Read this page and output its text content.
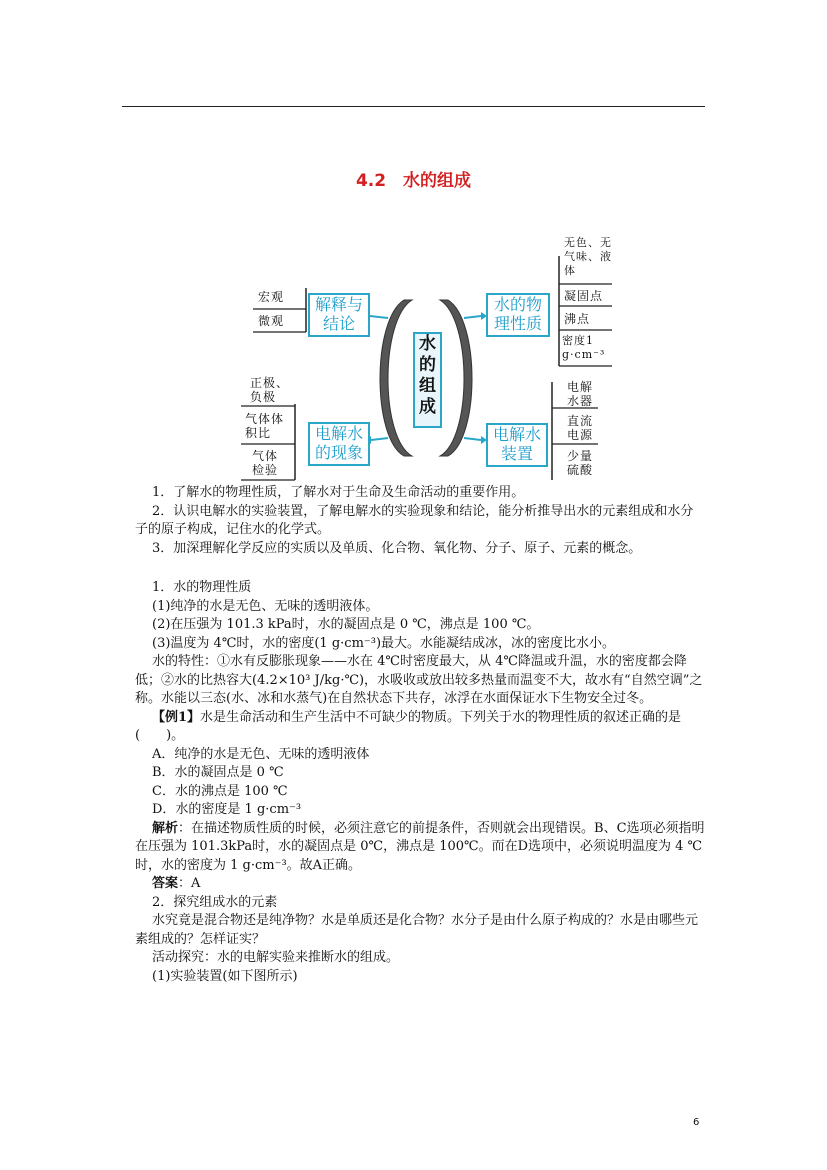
4.2　水的组成
水的组成
解释与结论
电解水的现象
水的物理性质
电解水装置
宏观
微观
正极、负极
气体体积比
气体检验
无色、无气味、液体
凝固点
沸点
密度1 g·cm⁻³
电解水器
直流电源
少量硫酸

1．了解水的物理性质，了解水对于生命及生命活动的重要作用。

2．认识电解水的实验装置，了解电解水的实验现象和结论，能分析推导出水的元素组成和水分子的原子构成，记住水的化学式。

3．加深理解化学反应的实质以及单质、化合物、氧化物、分子、原子、元素的概念。

1．水的物理性质

(1)纯净的水是无色、无味的透明液体。

(2)在压强为 101.3 kPa时，水的凝固点是 0 ℃，沸点是 100 ℃。

(3)温度为 4℃时，水的密度(1 g·cm⁻³)最大。水能凝结成冰，冰的密度比水小。

水的特性：①水有反膨胀现象——水在 4℃时密度最大，从 4℃降温或升温，水的密度都会降低；②水的比热容大(4.2×10³ J/kg·℃)，水吸收或放出较多热量而温变不大，故水有“自然空调”之称。水能以三态(水、冰和水蒸气)在自然状态下共存，冰浮在水面保证水下生物安全过冬。

【例1】水是生命活动和生产生活中不可缺少的物质。下列关于水的物理性质的叙述正确的是(　　)。

A．纯净的水是无色、无味的透明液体

B．水的凝固点是 0 ℃

C．水的沸点是 100 ℃

D．水的密度是 1 g·cm⁻³

解析：在描述物质性质的时候，必须注意它的前提条件，否则就会出现错误。B、C选项必须指明在压强为 101.3kPa时，水的凝固点是 0℃，沸点是 100℃。而在D选项中，必须说明温度为 4 ℃时，水的密度为 1 g·cm⁻³。故A正确。

答案：A

2．探究组成水的元素

水究竟是混合物还是纯净物？水是单质还是化合物？水分子是由什么原子构成的？水是由哪些元素组成的？怎样证实？

活动探究：水的电解实验来推断水的组成。

(1)实验装置(如下图所示)

6
